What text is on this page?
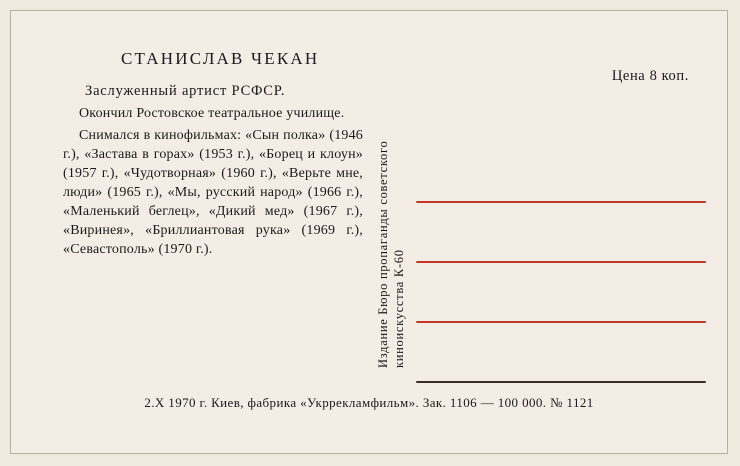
СТАНИСЛАВ ЧЕКАН
Заслуженный артист РСФСР.

Окончил Ростовское театральное училище.

Снимался в кинофильмах: «Сын полка» (1946 г.), «Застава в горах» (1953 г.), «Борец и клоун» (1957 г.), «Чудотворная» (1960 г.), «Верьте мне, люди» (1965 г.), «Мы, русский народ» (1966 г.), «Маленький беглец», «Дикий мед» (1967 г.), «Виринея», «Бриллиантовая рука» (1969 г.), «Севастополь» (1970 г.).

Цена 8 коп.
Издание Бюро пропаганды советского киноискусства К-60
2.X 1970 г. Киев, фабрика «Укррекламфильм». Зак. 1106 — 100 000. № 1121
